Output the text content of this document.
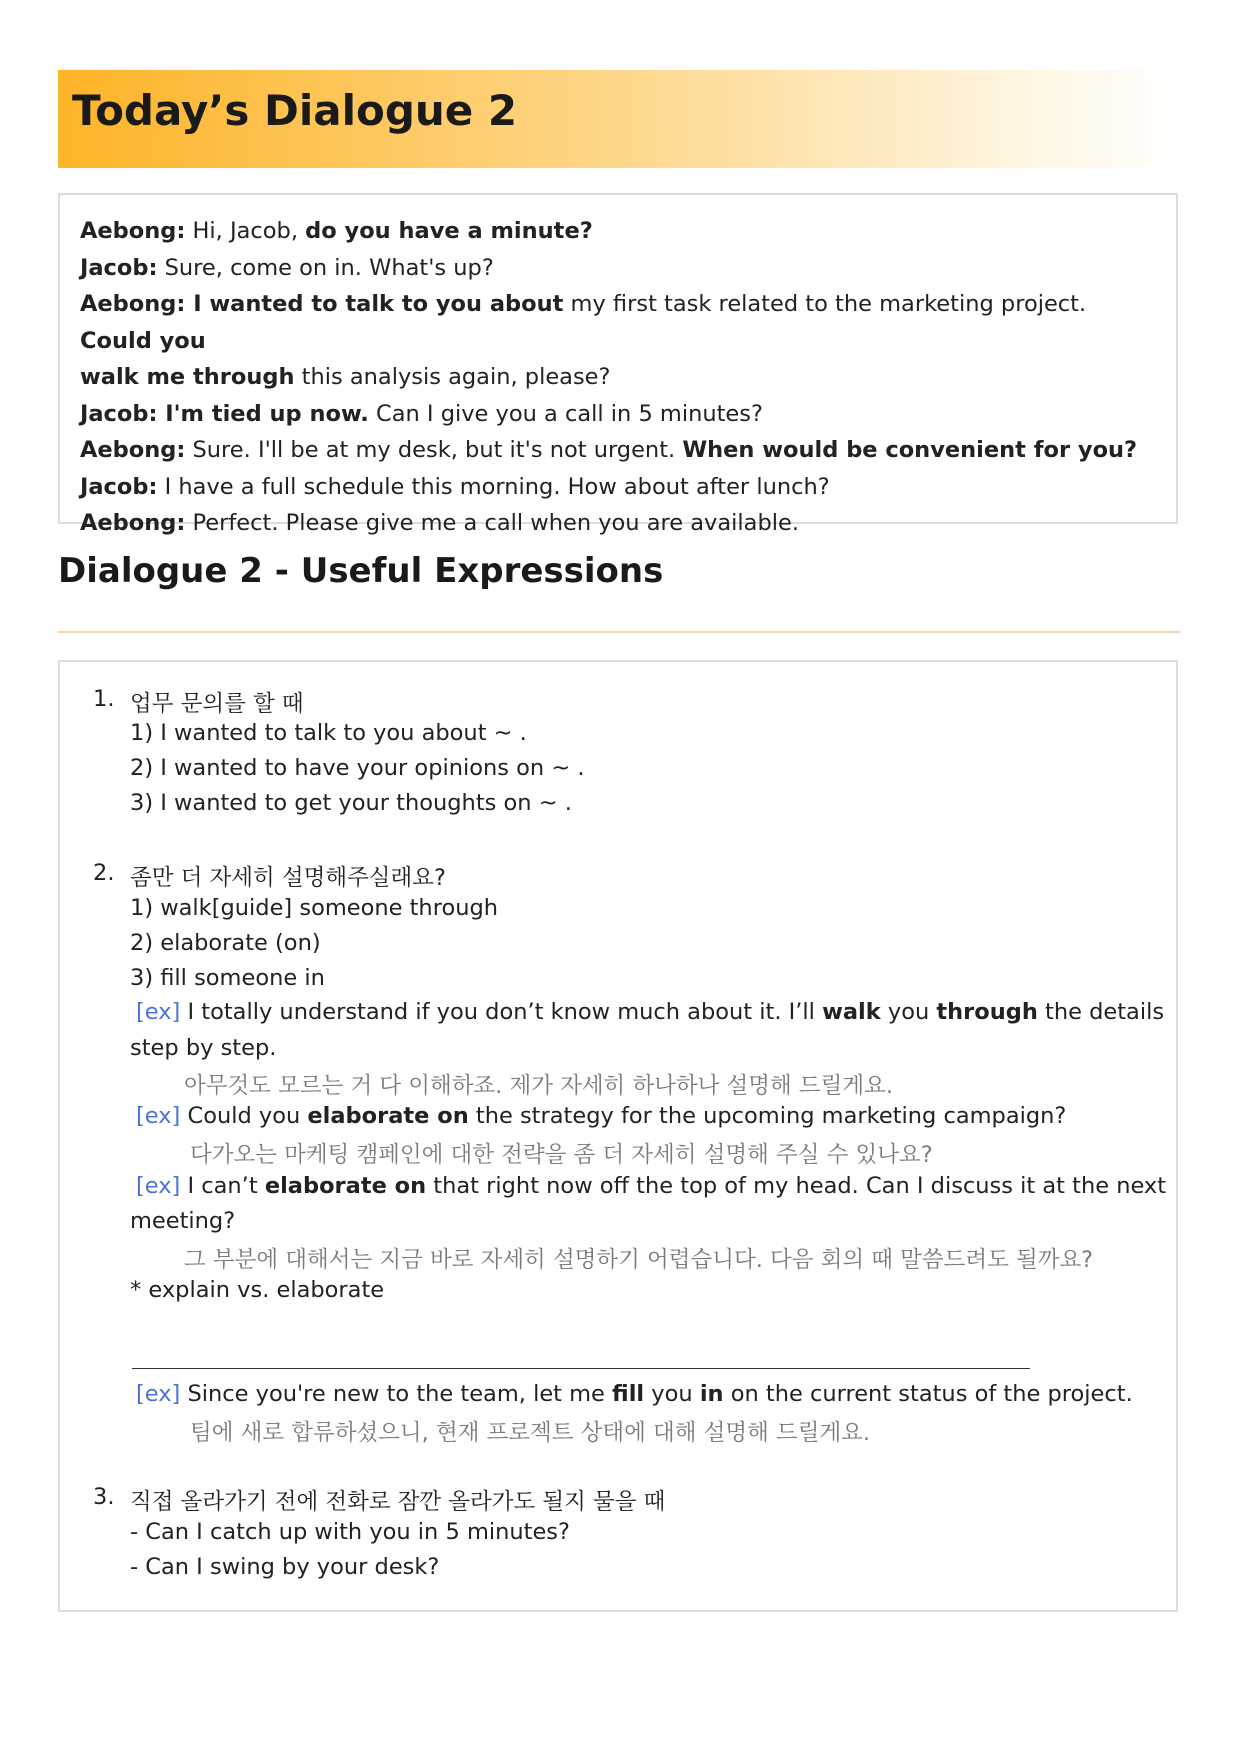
Today’s Dialogue 2

Aebong: Hi, Jacob, do you have a minute?

Jacob: Sure, come on in. What's up?

Aebong: I wanted to talk to you about my first task related to the marketing project. Could you

walk me through this analysis again, please?

Jacob: I'm tied up now. Can I give you a call in 5 minutes?

Aebong: Sure. I'll be at my desk, but it's not urgent. When would be convenient for you?

Jacob: I have a full schedule this morning. How about after lunch?

Aebong: Perfect. Please give me a call when you are available.

Dialogue 2 - Useful Expressions
1. 업무 문의를 할 때

1) I wanted to talk to you about ~ .

2) I wanted to have your opinions on ~ .

3) I wanted to get your thoughts on ~ .

2. 좀만 더 자세히 설명해주실래요?

1) walk[guide] someone through

2) elaborate (on)

3) fill someone in

[ex] I totally understand if you don’t know much about it. I’ll walk you through the details

step by step.

아무것도 모르는 거 다 이해하죠. 제가 자세히 하나하나 설명해 드릴게요.

[ex] Could you elaborate on the strategy for the upcoming marketing campaign?

다가오는 마케팅 캠페인에 대한 전략을 좀 더 자세히 설명해 주실 수 있나요?

[ex] I can’t elaborate on that right now off the top of my head. Can I discuss it at the next

meeting?

그 부분에 대해서는 지금 바로 자세히 설명하기 어렵습니다. 다음 회의 때 말씀드려도 될까요?

* explain vs. elaborate

[ex] Since you're new to the team, let me fill you in on the current status of the project.

팀에 새로 합류하셨으니, 현재 프로젝트 상태에 대해 설명해 드릴게요.

3. 직접 올라가기 전에 전화로 잠깐 올라가도 될지 물을 때

- Can I catch up with you in 5 minutes?

- Can I swing by your desk?
